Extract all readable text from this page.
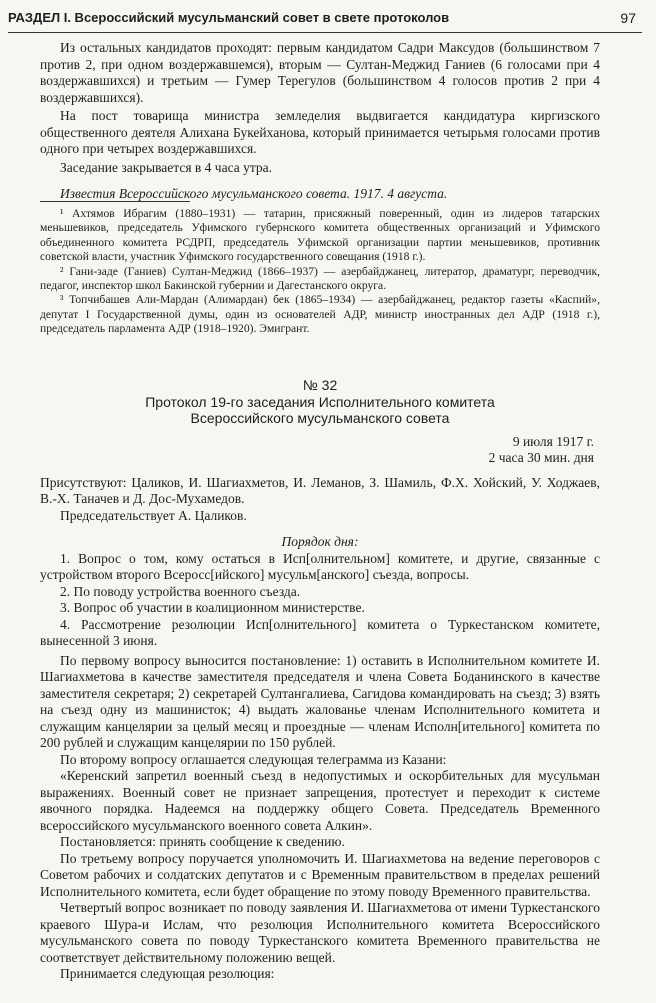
РАЗДЕЛ I. Всероссийский мусульманский совет в свете протоколов	97

Из остальных кандидатов проходят: первым кандидатом Садри Максудов (большинством 7 против 2, при одном воздержавшемся), вторым — Султан-Меджид Ганиев (6 голосами при 4 воздержавшихся) и третьим — Гумер Терегулов (большинством 4 голосов против 2 при 4 воздержавшихся).

На пост товарища министра земледелия выдвигается кандидатура киргизского общественного деятеля Алихана Букейханова, который принимается четырьмя голосами против одного при четырех воздержавшихся.

Заседание закрывается в 4 часа утра.

Известия Всероссийского мусульманского совета. 1917. 4 августа.

¹ Ахтямов Ибрагим (1880–1931) — татарин, присяжный поверенный, один из лидеров татарских меньшевиков, председатель Уфимского губернского комитета общественных организаций и Уфимского объединенного комитета РСДРП, председатель Уфимской организации партии меньшевиков, противник советской власти, участник Уфимского государственного совещания (1918 г.).

² Гани-заде (Ганиев) Султан-Меджид (1866–1937) — азербайджанец, литератор, драматург, переводчик, педагог, инспектор школ Бакинской губернии и Дагестанского округа.

³ Топчибашев Али-Мардан (Алимардан) бек (1865–1934) — азербайджанец, редактор газеты «Каспий», депутат I Государственной думы, один из основателей АДР, министр иностранных дел АДР (1918 г.), председатель парламента АДР (1918–1920). Эмигрант.

№ 32

Протокол 19-го заседания Исполнительного комитета

Всероссийского мусульманского совета

9 июля 1917 г.

2 часа 30 мин. дня

Присутствуют: Цаликов, И. Шагиахметов, И. Леманов, З. Шамиль, Ф.Х. Хойский, У. Ходжаев, В.-Х. Таначев и Д. Дос-Мухамедов.

Председательствует А. Цаликов.

Порядок дня:

1. Вопрос о том, кому остаться в Исп[олнительном] комитете, и другие, связанные с устройством второго Всеросс[ийского] мусульм[анского] съезда, вопросы.

2. По поводу устройства военного съезда.

3. Вопрос об участии в коалиционном министерстве.

4. Рассмотрение резолюции Исп[олнительного] комитета о Туркестанском комитете, вынесенной 3 июня.

По первому вопросу выносится постановление: 1) оставить в Исполнительном комитете И. Шагиахметова в качестве заместителя председателя и члена Совета Боданинского в качестве заместителя секретаря; 2) секретарей Султангалиева, Сагидова командировать на съезд; 3) взять на съезд одну из машинисток; 4) выдать жалованье членам Исполнительного комитета и служащим канцелярии за целый месяц и проездные — членам Исполн[ительного] комитета по 200 рублей и служащим канцелярии по 150 рублей.

По второму вопросу оглашается следующая телеграмма из Казани:

«Керенский запретил военный съезд в недопустимых и оскорбительных для мусульман выражениях. Военный совет не признает запрещения, протестует и переходит к системе явочного порядка. Надеемся на поддержку общего Совета. Председатель Временного всероссийского мусульманского военного совета Алкин».

Постановляется: принять сообщение к сведению.

По третьему вопросу поручается уполномочить И. Шагиахметова на ведение переговоров с Советом рабочих и солдатских депутатов и с Временным правительством в пределах решений Исполнительного комитета, если будет обращение по этому поводу Временного правительства.

Четвертый вопрос возникает по поводу заявления И. Шагиахметова от имени Туркестанского краевого Шура-и Ислам, что резолюция Исполнительного комитета Всероссийского мусульманского совета по поводу Туркестанского комитета Временного правительства не соответствует действительному положению вещей.

Принимается следующая резолюция:
